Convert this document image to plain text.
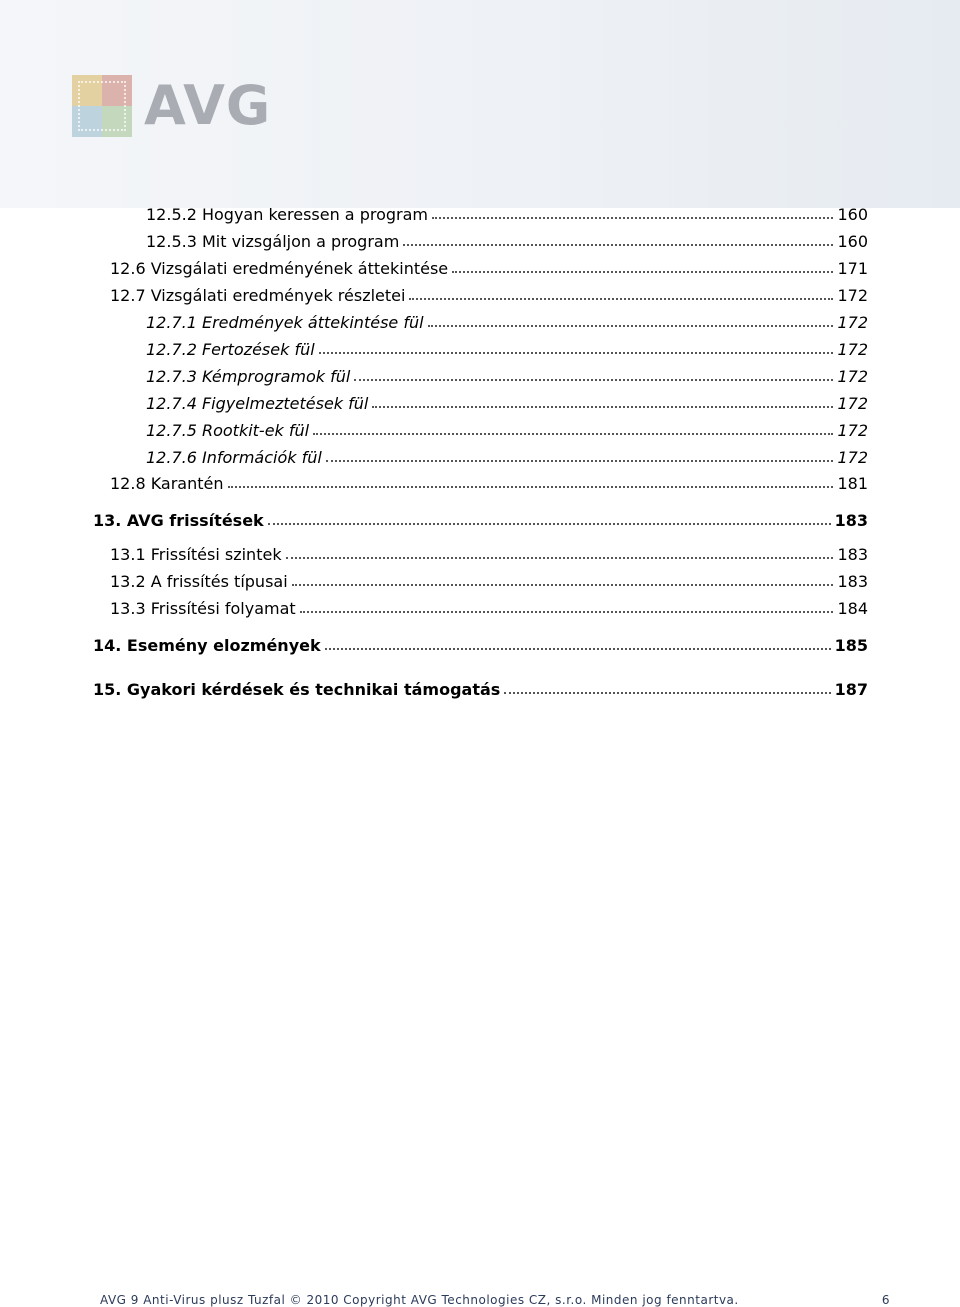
AVG
12.5.2 Hogyan keressen a program	160
12.5.3 Mit vizsgáljon a program	160
12.6 Vizsgálati eredményének áttekintése	171
12.7 Vizsgálati eredmények részletei	172
12.7.1 Eredmények áttekintése fül	172
12.7.2 Fertozések fül	172
12.7.3 Kémprogramok fül	172
12.7.4 Figyelmeztetések fül	172
12.7.5 Rootkit-ek fül	172
12.7.6 Információk fül	172
12.8 Karantén	181
13. AVG frissítések	183
13.1 Frissítési szintek	183
13.2 A frissítés típusai	183
13.3 Frissítési folyamat	184
14. Esemény elozmények	185
15. Gyakori kérdések és technikai támogatás	187
AVG 9 Anti-Virus plusz Tuzfal © 2010 Copyright AVG Technologies CZ, s.r.o. Minden jog fenntartva.	6
